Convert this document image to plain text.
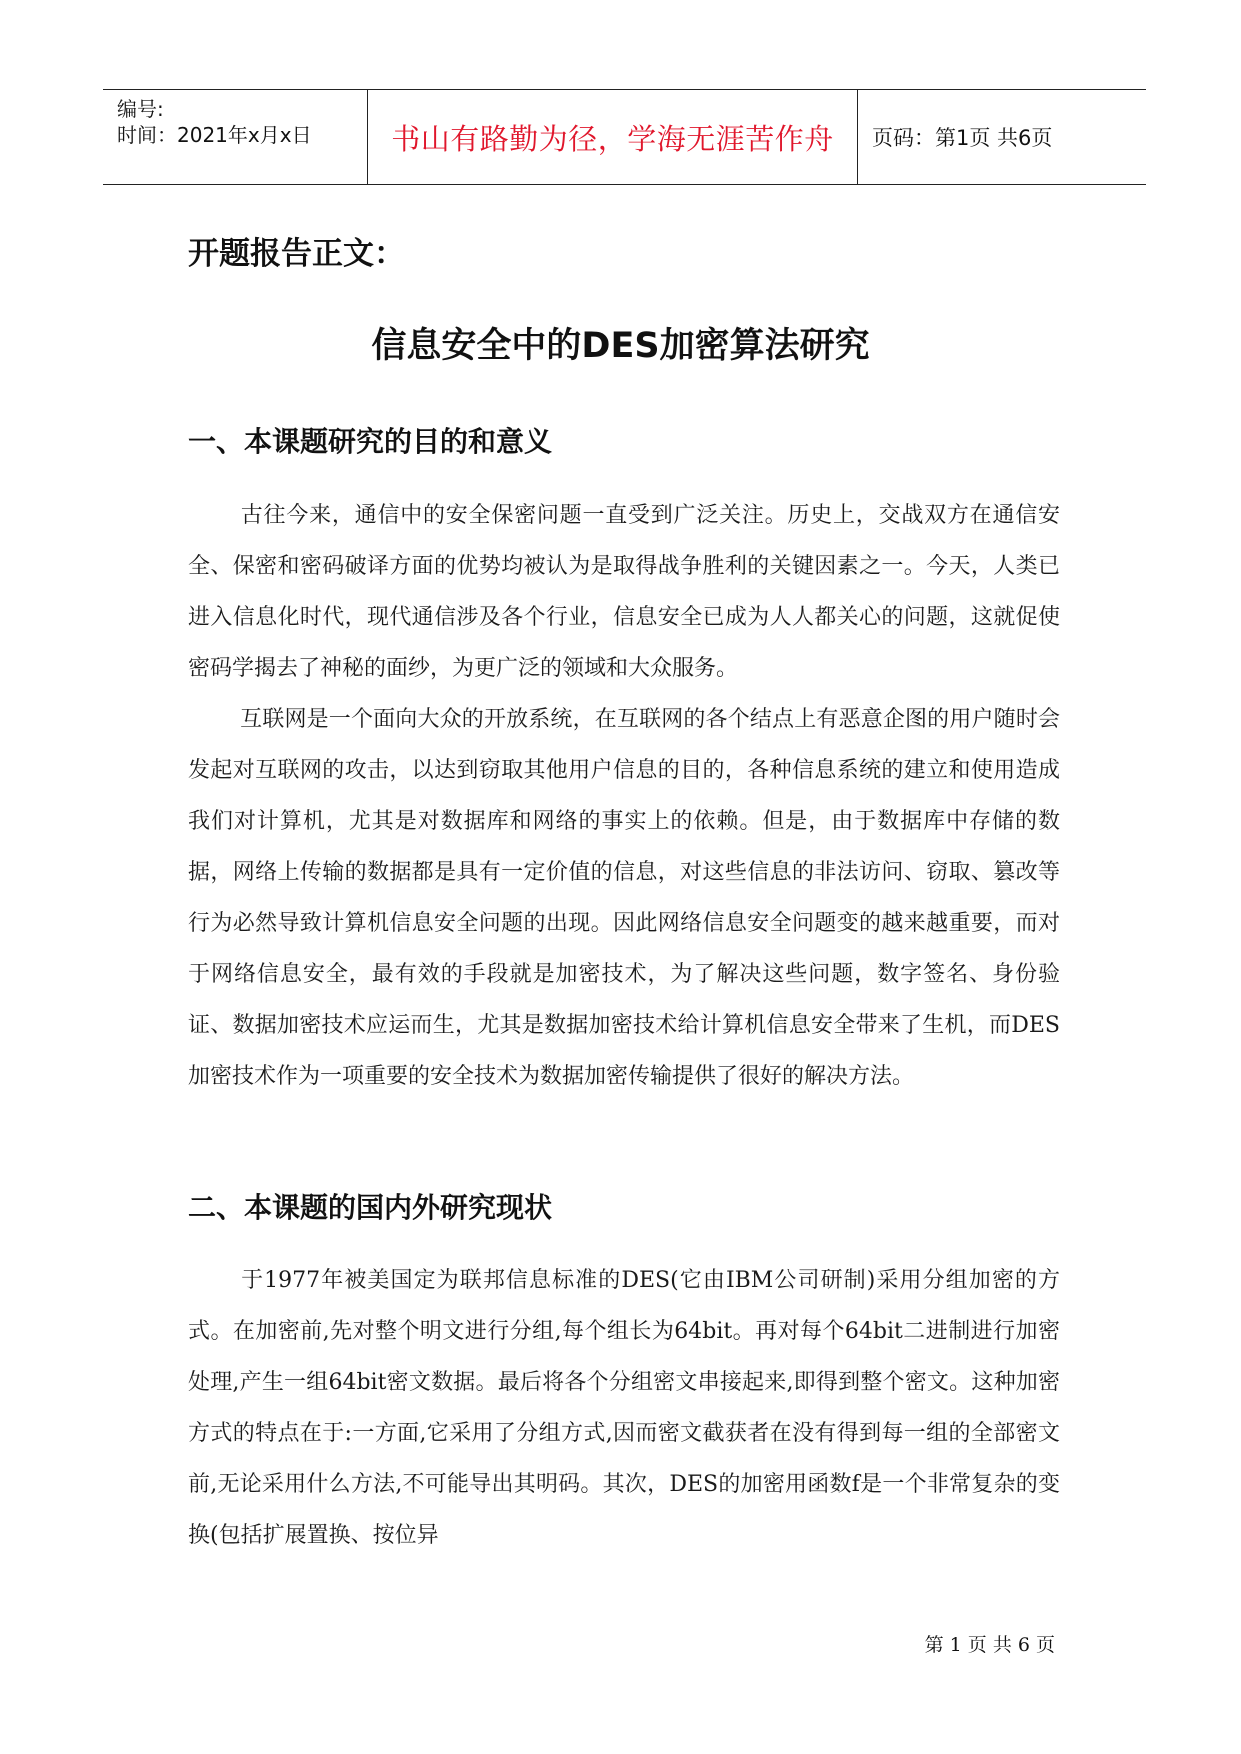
编号:
时间：2021年x月x日	书山有路勤为径，学海无涯苦作舟 页码：第1页 共6页
开题报告正文：
信息安全中的DES加密算法研究
一、本课题研究的目的和意义

古往今来，通信中的安全保密问题一直受到广泛关注。历史上，交战双方在通信安全、保密和密码破译方面的优势均被认为是取得战争胜利的关键因素之一。今天，人类已进入信息化时代，现代通信涉及各个行业，信息安全已成为人人都关心的问题，这就促使密码学揭去了神秘的面纱，为更广泛的领域和大众服务。

互联网是一个面向大众的开放系统，在互联网的各个结点上有恶意企图的用户随时会发起对互联网的攻击，以达到窃取其他用户信息的目的，各种信息系统的建立和使用造成我们对计算机，尤其是对数据库和网络的事实上的依赖。但是，由于数据库中存储的数据，网络上传输的数据都是具有一定价值的信息，对这些信息的非法访问、窃取、篡改等行为必然导致计算机信息安全问题的出现。因此网络信息安全问题变的越来越重要，而对于网络信息安全，最有效的手段就是加密技术，为了解决这些问题，数字签名、身份验证、数据加密技术应运而生，尤其是数据加密技术给计算机信息安全带来了生机，而DES加密技术作为一项重要的安全技术为数据加密传输提供了很好的解决方法。

二、本课题的国内外研究现状

于1977年被美国定为联邦信息标准的DES(它由IBM公司研制)采用分组加密的方式。在加密前,先对整个明文进行分组,每个组长为64bit。再对每个64bit二进制进行加密处理,产生一组64bit密文数据。最后将各个分组密文串接起来,即得到整个密文。这种加密方式的特点在于:一方面,它采用了分组方式,因而密文截获者在没有得到每一组的全部密文前,无论采用什么方法,不可能导出其明码。其次，DES的加密用函数f是一个非常复杂的变换(包括扩展置换、按位异

第 1 页 共 6 页
